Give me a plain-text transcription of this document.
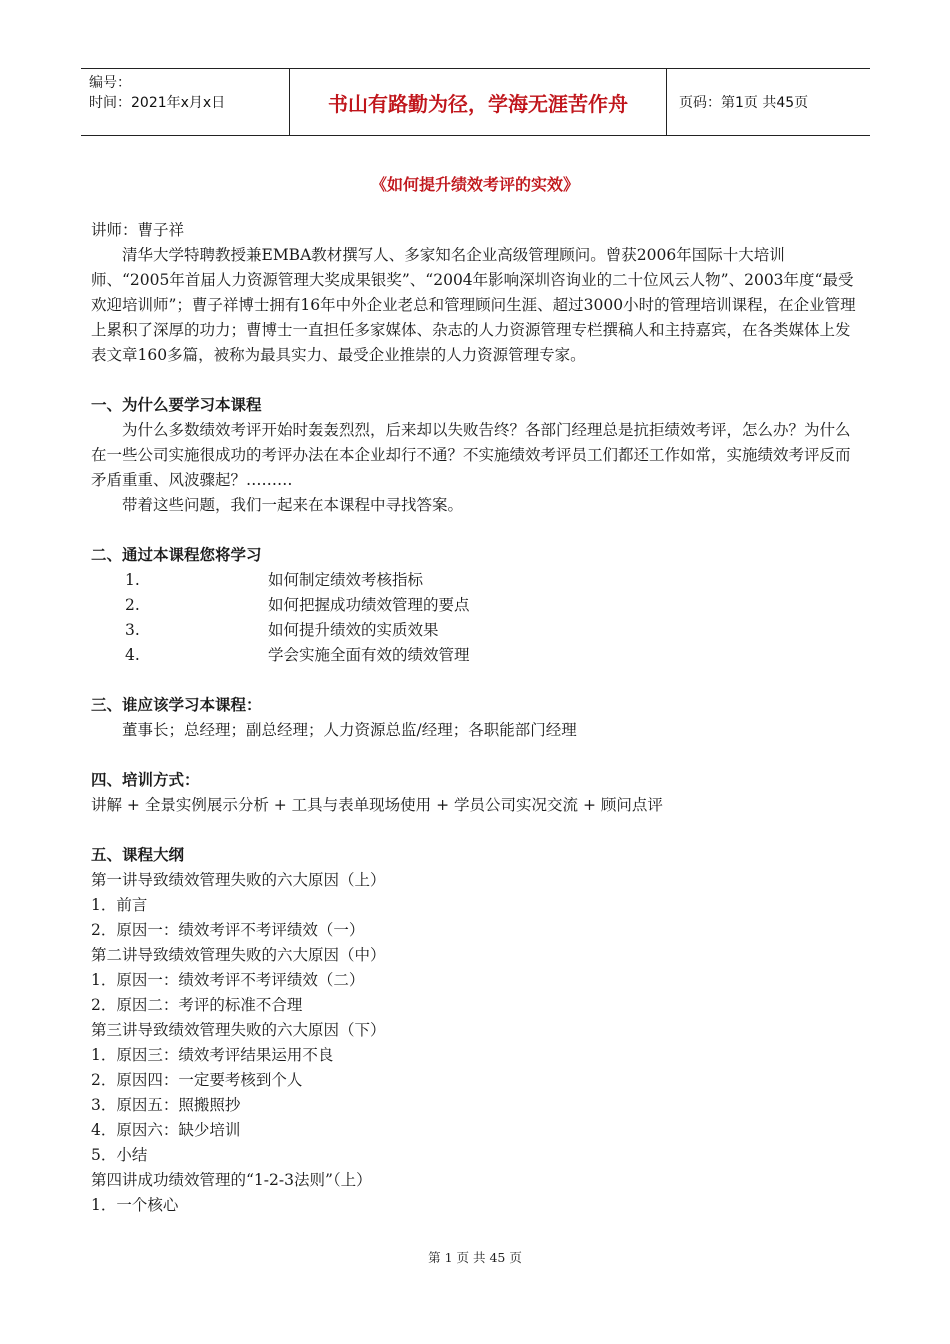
编号：
时间：2021年x月x日	书山有路勤为径，学海无涯苦作舟	页码：第1页 共45页
《如何提升绩效考评的实效》

讲师：曹子祥

清华大学特聘教授兼EMBA教材撰写人、多家知名企业高级管理顾问。曾获2006年国际十大培训师、“2005年首届人力资源管理大奖成果银奖”、“2004年影响深圳咨询业的二十位风云人物”、2003年度“最受欢迎培训师”；曹子祥博士拥有16年中外企业老总和管理顾问生涯、超过3000小时的管理培训课程，在企业管理上累积了深厚的功力；曹博士一直担任多家媒体、杂志的人力资源管理专栏撰稿人和主持嘉宾，在各类媒体上发表文章160多篇，被称为最具实力、最受企业推崇的人力资源管理专家。

一、为什么要学习本课程

为什么多数绩效考评开始时轰轰烈烈，后来却以失败告终？各部门经理总是抗拒绩效考评，怎么办？为什么在一些公司实施很成功的考评办法在本企业却行不通？不实施绩效考评员工们都还工作如常，实施绩效考评反而矛盾重重、风波骤起？………

带着这些问题，我们一起来在本课程中寻找答案。

二、通过本课程您将学习

1.	如何制定绩效考核指标
2.	如何把握成功绩效管理的要点
3.	如何提升绩效的实质效果
4.	学会实施全面有效的绩效管理

三、谁应该学习本课程：

董事长；总经理；副总经理；人力资源总监/经理；各职能部门经理

四、培训方式：

讲解 + 全景实例展示分析 + 工具与表单现场使用 + 学员公司实况交流 + 顾问点评

五、课程大纲

第一讲导致绩效管理失败的六大原因（上）

1．前言

2．原因一：绩效考评不考评绩效（一）

第二讲导致绩效管理失败的六大原因（中）

1．原因一：绩效考评不考评绩效（二）

2．原因二：考评的标准不合理

第三讲导致绩效管理失败的六大原因（下）

1．原因三：绩效考评结果运用不良

2．原因四：一定要考核到个人

3．原因五：照搬照抄

4．原因六：缺少培训

5．小结

第四讲成功绩效管理的“1-2-3法则”（上）

1．一个核心

第 1 页 共 45 页
